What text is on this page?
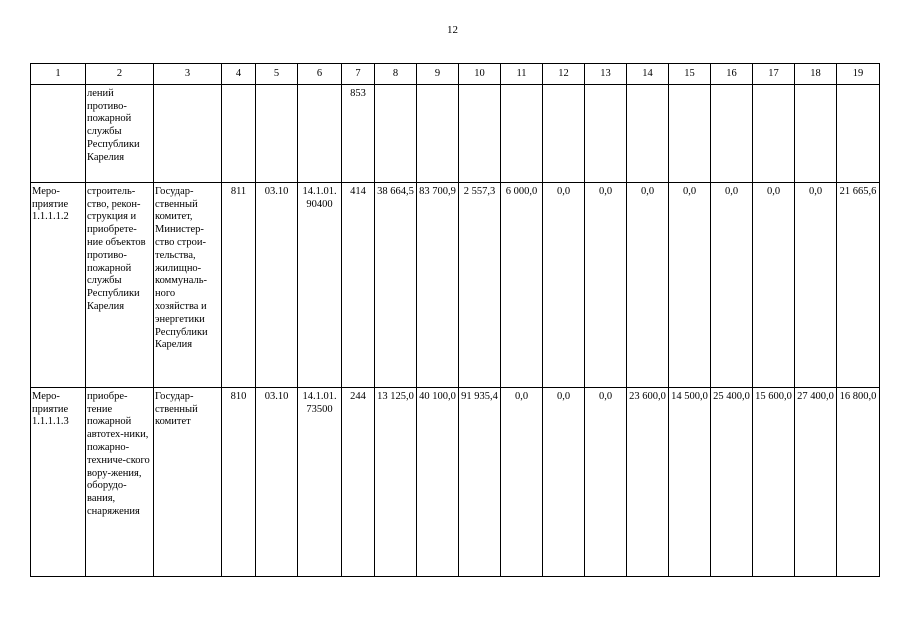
12
1	2	3	4	5	6	7	8	9	10	11	12	13	14	15	16	17	18	19
	лений противо-пожарной службы Республики Карелия					853												
Меро-приятие 1.1.1.1.2	строитель-ство, рекон-струкция и приобрете-ние объектов противо-пожарной службы Республики Карелия	Государ-ственный комитет, Министер-ство строи-тельства, жилищно-коммуналь-ного хозяйства и энергетики Республики Карелия	811	03.10	14.1.01. 90400	414	38 664,5	83 700,9	2 557,3	6 000,0	0,0	0,0	0,0	0,0	0,0	0,0	0,0	21 665,6
Меро-приятие 1.1.1.1.3	приобре-тение пожарной автотех-ники, пожарно-техниче-ского вору-жения, оборудо-вания, снаряжения	Государ-ственный комитет	810	03.10	14.1.01. 73500	244	13 125,0	40 100,0	91 935,4	0,0	0,0	0,0	23 600,0	14 500,0	25 400,0	15 600,0	27 400,0	16 800,0
